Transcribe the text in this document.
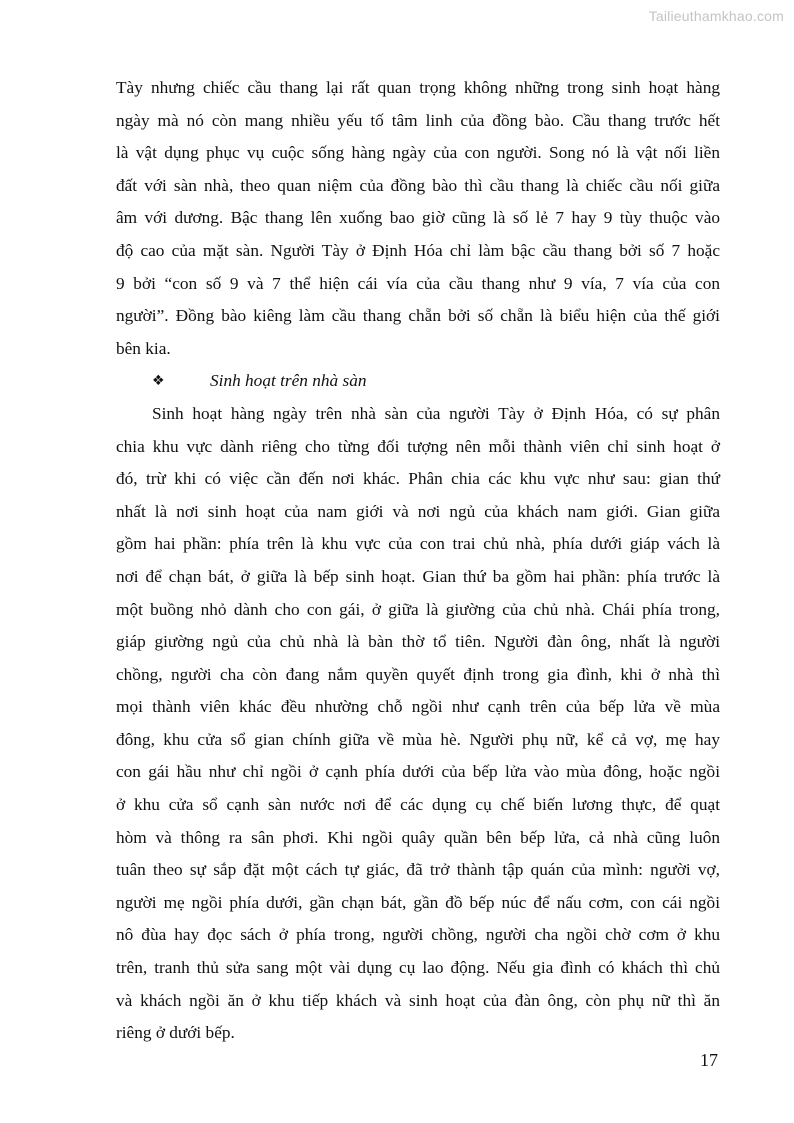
Tailieuthamkhao.com
Tày nhưng chiếc cầu thang lại rất quan trọng không những trong sinh hoạt hàng
ngày mà nó còn mang nhiều yếu tố tâm linh của đồng bào. Cầu thang trước hết
là vật dụng phục vụ cuộc sống hàng ngày của con người. Song nó là vật nối liền
đất với sàn nhà, theo quan niệm của đồng bào thì cầu thang là chiếc cầu nối giữa
âm với dương. Bậc thang lên xuống bao giờ cũng là số lẻ 7 hay 9 tùy thuộc vào
độ cao của mặt sàn. Người Tày ở Định Hóa chỉ làm bậc cầu thang bởi số 7 hoặc
9 bởi “con số 9 và 7 thể hiện cái vía của cầu thang như 9 vía, 7 vía của con
người”. Đồng bào kiêng làm cầu thang chẵn bởi số chẵn là biểu hiện của thế giới
bên kia.
❖	Sinh hoạt trên nhà sàn
Sinh hoạt hàng ngày trên nhà sàn của người Tày ở Định Hóa, có sự phân
chia khu vực dành riêng cho từng đối tượng nên mỗi thành viên chỉ sinh hoạt ở
đó, trừ khi có việc cần đến nơi khác. Phân chia các khu vực như sau: gian thứ
nhất là nơi sinh hoạt của nam giới và nơi ngủ của khách nam giới. Gian giữa
gồm hai phần: phía trên là khu vực của con trai chủ nhà, phía dưới giáp vách là
nơi để chạn bát, ở giữa là bếp sinh hoạt. Gian thứ ba gồm hai phần: phía trước là
một buồng nhỏ dành cho con gái, ở giữa là giường của chủ nhà. Chái phía trong,
giáp giường ngủ của chủ nhà là bàn thờ tổ tiên. Người đàn ông, nhất là người
chồng, người cha còn đang nắm quyền quyết định trong gia đình, khi ở nhà thì
mọi thành viên khác đều nhường chỗ ngồi như cạnh trên của bếp lửa về mùa
đông, khu cửa sổ gian chính giữa về mùa hè. Người phụ nữ, kể cả vợ, mẹ hay
con gái hầu như chỉ ngồi ở cạnh phía dưới của bếp lửa vào mùa đông, hoặc ngồi
ở khu cửa sổ cạnh sàn nước nơi để các dụng cụ chế biến lương thực, để quạt
hòm và thông ra sân phơi. Khi ngồi quây quần bên bếp lửa, cả nhà cũng luôn
tuân theo sự sắp đặt một cách tự giác, đã trở thành tập quán của mình: người vợ,
người mẹ ngồi phía dưới, gần chạn bát, gần đồ bếp núc để nấu cơm, con cái ngồi
nô đùa hay đọc sách ở phía trong, người chồng, người cha ngồi chờ cơm ở khu
trên, tranh thủ sửa sang một vài dụng cụ lao động. Nếu gia đình có khách thì chủ
và khách ngồi ăn ở khu tiếp khách và sinh hoạt của đàn ông, còn phụ nữ thì ăn
riêng ở dưới bếp.
17
